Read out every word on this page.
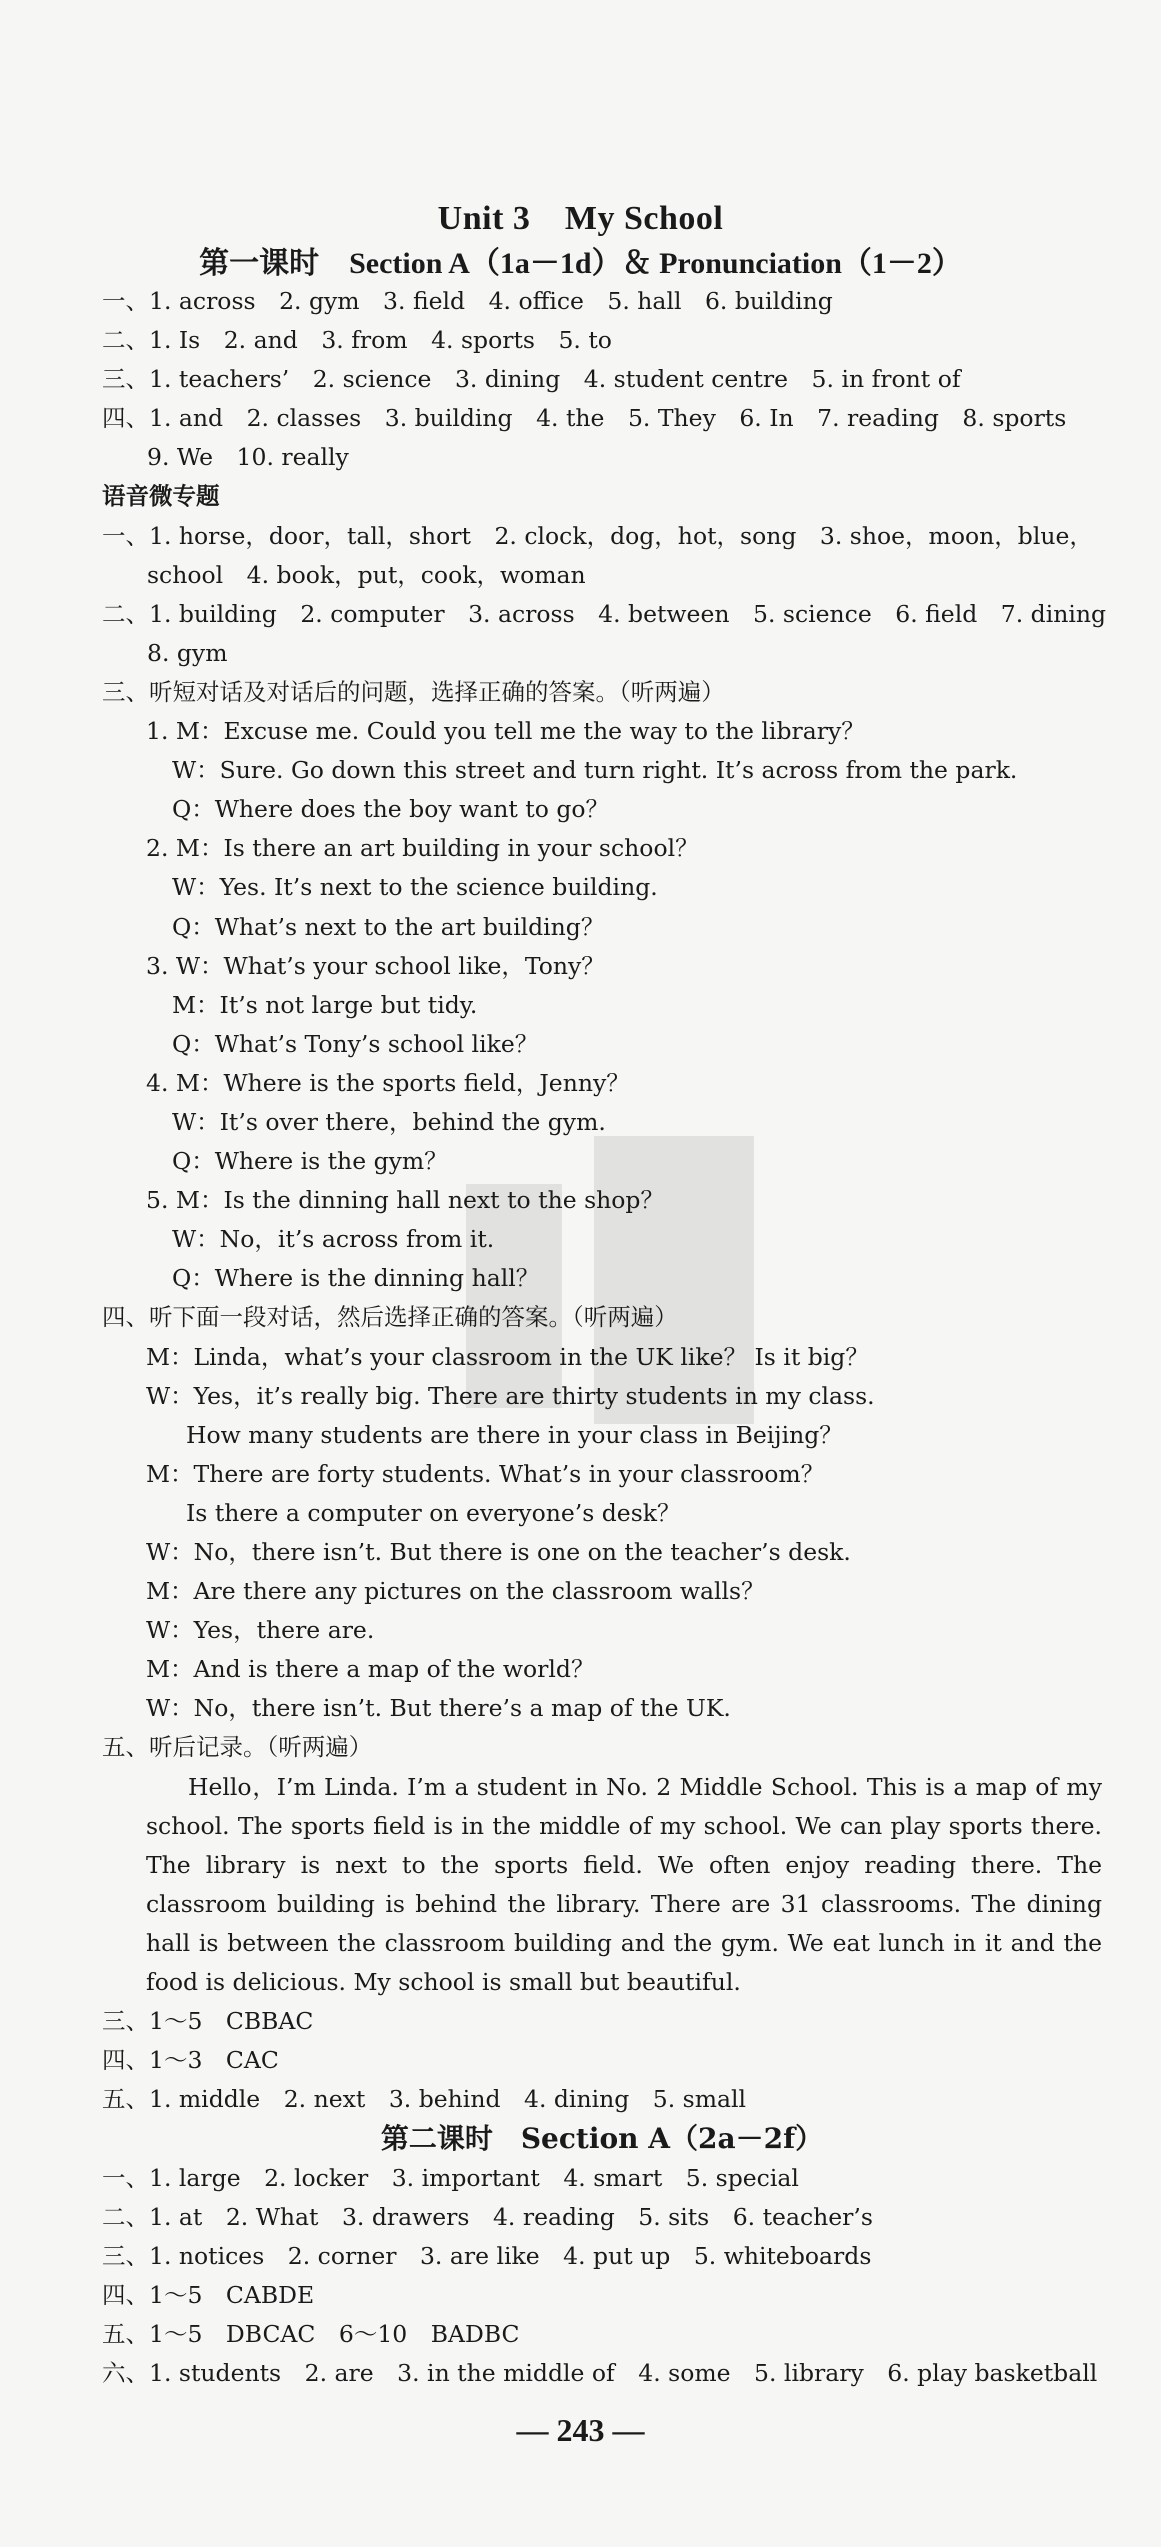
Unit 3　My School
第一课时　Section A（1a－1d）＆ Pronunciation（1－2）
一、1. across　2. gym　3. field　4. office　5. hall　6. building
二、1. Is　2. and　3. from　4. sports　5. to
三、1. teachers’　2. science　3. dining　4. student centre　5. in front of
四、1. and　2. classes　3. building　4. the　5. They　6. In　7. reading　8. sports
9. We　10. really
语音微专题
一、1. horse，door，tall，short　2. clock，dog，hot，song　3. shoe，moon，blue，
school　4. book，put，cook，woman
二、1. building　2. computer　3. across　4. between　5. science　6. field　7. dining
8. gym
三、听短对话及对话后的问题，选择正确的答案。（听两遍）
1. M：Excuse me. Could you tell me the way to the library？
W：Sure. Go down this street and turn right. It’s across from the park.
Q：Where does the boy want to go？
2. M：Is there an art building in your school？
W：Yes. It’s next to the science building.
Q：What’s next to the art building？
3. W：What’s your school like，Tony？
M：It’s not large but tidy.
Q：What’s Tony’s school like？
4. M：Where is the sports field，Jenny？
W：It’s over there，behind the gym.
Q：Where is the gym？
5. M：Is the dinning hall next to the shop？
W：No，it’s across from it.
Q：Where is the dinning hall？
四、听下面一段对话，然后选择正确的答案。（听两遍）
M：Linda，what’s your classroom in the UK like？ Is it big？
W：Yes，it’s really big. There are thirty students in my class.
How many students are there in your class in Beijing？
M：There are forty students. What’s in your classroom？
Is there a computer on everyone’s desk？
W：No，there isn’t. But there is one on the teacher’s desk.
M：Are there any pictures on the classroom walls？
W：Yes，there are.
M：And is there a map of the world？
W：No，there isn’t. But there’s a map of the UK.
五、听后记录。（听两遍）
Hello，I’m Linda. I’m a student in No. 2 Middle School. This is a map of my school. The sports field is in the middle of my school. We can play sports there. The library is next to the sports field. We often enjoy reading there. The classroom building is behind the library. There are 31 classrooms. The dining hall is between the classroom building and the gym. We eat lunch in it and the food is delicious. My school is small but beautiful.
三、1～5　CBBAC
四、1～3　CAC
五、1. middle　2. next　3. behind　4. dining　5. small
第二课时　Section A（2a－2f）
一、1. large　2. locker　3. important　4. smart　5. special
二、1. at　2. What　3. drawers　4. reading　5. sits　6. teacher’s
三、1. notices　2. corner　3. are like　4. put up　5. whiteboards
四、1～5　CABDE
五、1～5　DBCAC　6～10　BADBC
六、1. students　2. are　3. in the middle of　4. some　5. library　6. play basketball
— 243 —
